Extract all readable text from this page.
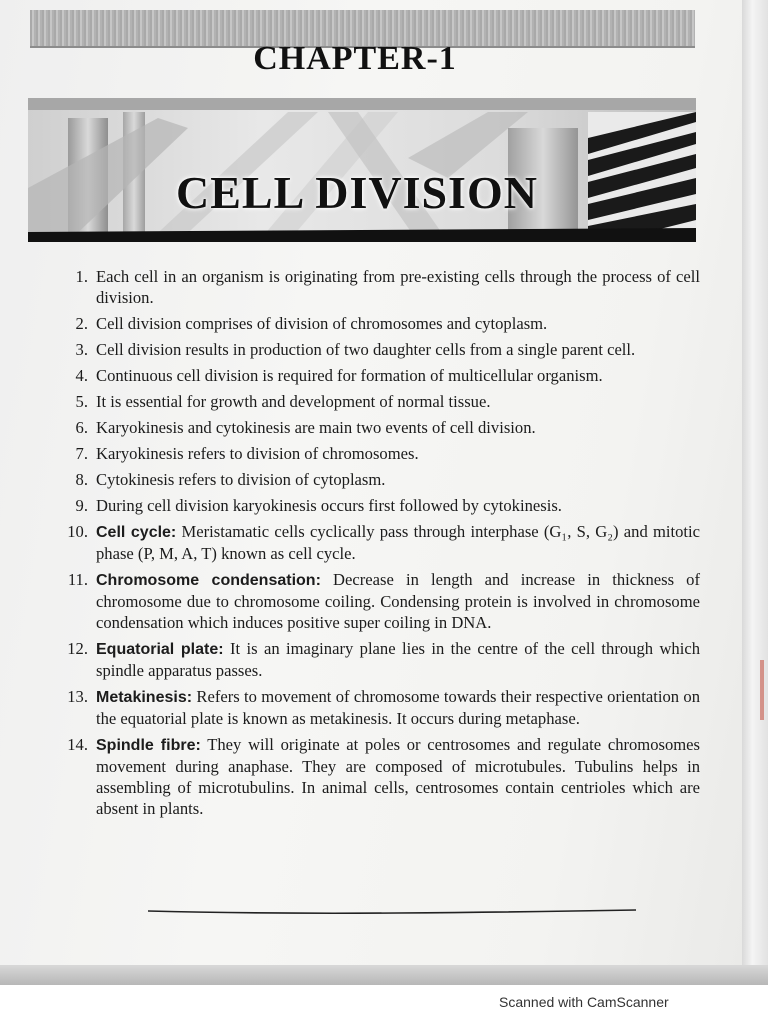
CHAPTER-1
CELL DIVISION
1. Each cell in an organism is originating from pre-existing cells through the process of cell division.
2. Cell division comprises of division of chromosomes and cytoplasm.
3. Cell division results in production of two daughter cells from a single parent cell.
4. Continuous cell division is required for formation of multicellular organism.
5. It is essential for growth and development of normal tissue.
6. Karyokinesis and cytokinesis are main two events of cell division.
7. Karyokinesis refers to division of chromosomes.
8. Cytokinesis refers to division of cytoplasm.
9. During cell division karyokinesis occurs first followed by cytokinesis.
10. Cell cycle: Meristamatic cells cyclically pass through interphase (G₁, S, G₂) and mitotic phase (P, M, A, T) known as cell cycle.
11. Chromosome condensation: Decrease in length and increase in thickness of chromosome due to chromosome coiling. Condensing protein is involved in chromosome condensation which induces positive super coiling in DNA.
12. Equatorial plate: It is an imaginary plane lies in the centre of the cell through which spindle apparatus passes.
13. Metakinesis: Refers to movement of chromosome towards their respective orientation on the equatorial plate is known as metakinesis. It occurs during metaphase.
14. Spindle fibre: They will originate at poles or centrosomes and regulate chromosomes movement during anaphase. They are composed of microtubules. Tubulins helps in assembling of microtubulins. In animal cells, centrosomes contain centrioles which are absent in plants.
Scanned with CamScanner
